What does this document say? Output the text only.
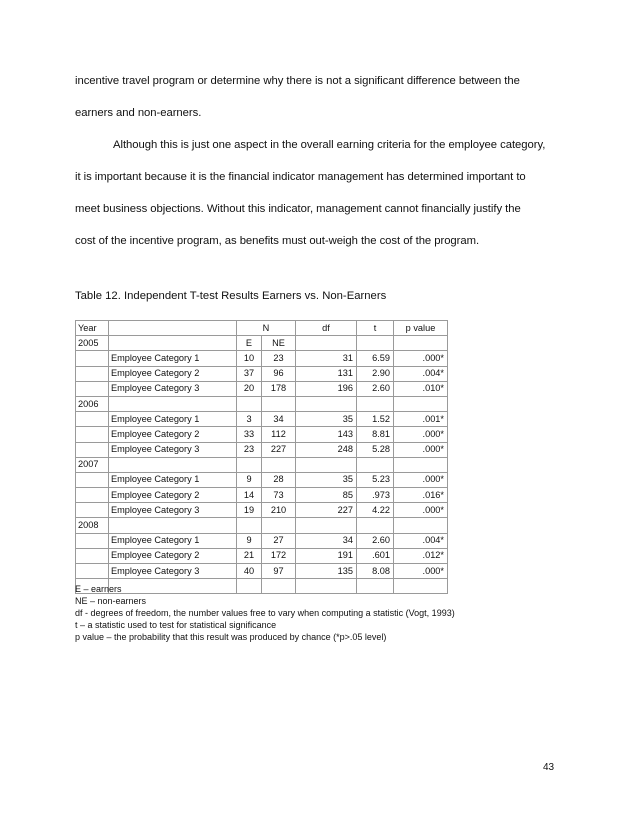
incentive travel program or determine why there is not a significant difference between the
earners and non-earners.
Although this is just one aspect in the overall earning criteria for the employee category,
it is important because it is the financial indicator management has determined important to
meet business objections. Without this indicator, management cannot financially justify the
cost of the incentive program, as benefits must out-weigh the cost of the program.
Table 12. Independent T-test Results Earners vs. Non-Earners
Year		N		df	t	p value
2005		E	NE			
	Employee Category 1	10	23	31	6.59	.000*
	Employee Category 2	37	96	131	2.90	.004*
	Employee Category 3	20	178	196	2.60	.010*
2006						
	Employee Category 1	3	34	35	1.52	.001*
	Employee Category 2	33	112	143	8.81	.000*
	Employee Category 3	23	227	248	5.28	.000*
2007						
	Employee Category 1	9	28	35	5.23	.000*
	Employee Category 2	14	73	85	.973	.016*
	Employee Category 3	19	210	227	4.22	.000*
2008						
	Employee Category 1	9	27	34	2.60	.004*
	Employee Category 2	21	172	191	.601	.012*
	Employee Category 3	40	97	135	8.08	.000*

E – earners
NE – non-earners
df - degrees of freedom, the number values free to vary when computing a statistic (Vogt, 1993)
t – a statistic used to test for statistical significance
p value – the probability that this result was produced by chance (*p>.05 level)
43
